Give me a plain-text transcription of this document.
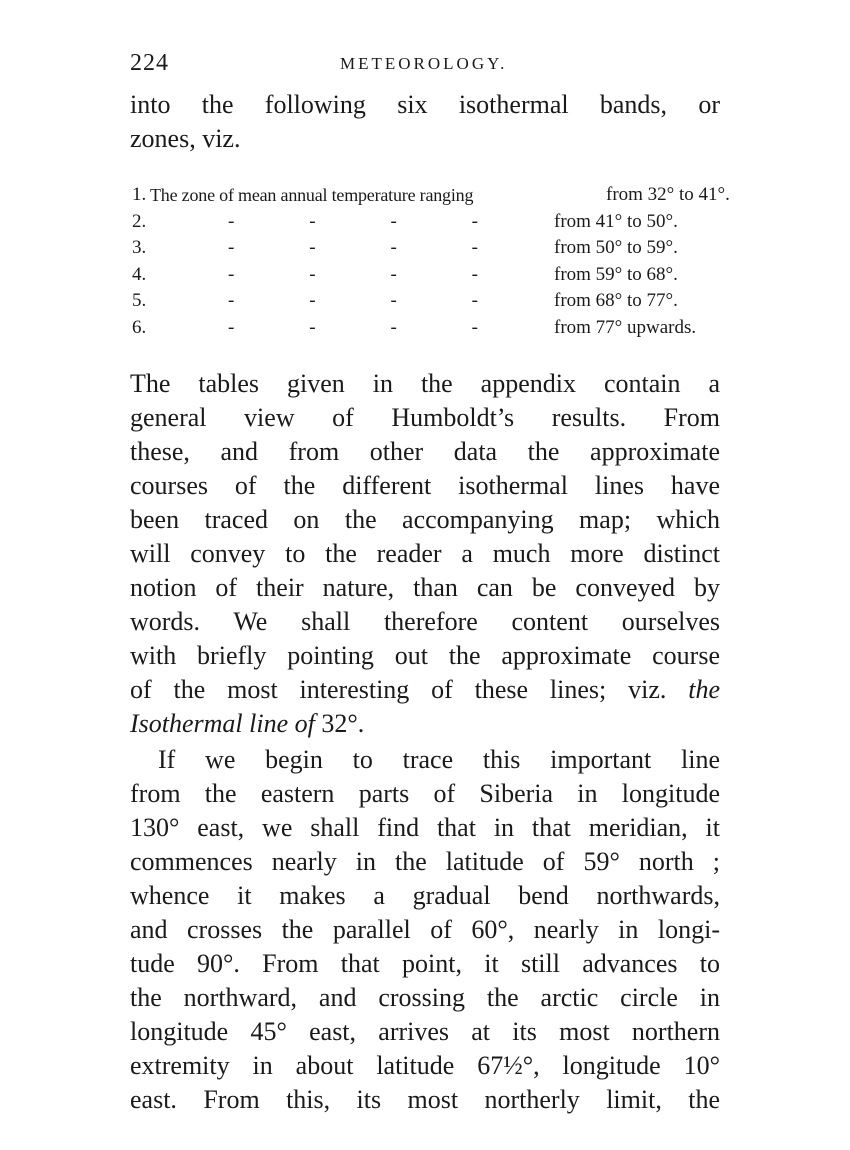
224	METEOROLOGY.
into the following six isothermal bands, or
zones, viz.
1. The zone of mean annual temperature ranging	from 32° to 41°.
2.	-	-	-	-	from 41° to 50°.
3.	-	-	-	-	from 50° to 59°.
4.	-	-	-	-	from 59° to 68°.
5.	-	-	-	-	from 68° to 77°.
6.	-	-	-	-	from 77° upwards.
The tables given in the appendix contain a
general view of Humboldt’s results. From
these, and from other data the approximate
courses of the different isothermal lines have
been traced on the accompanying map; which
will convey to the reader a much more distinct
notion of their nature, than can be conveyed by
words. We shall therefore content ourselves
with briefly pointing out the approximate course
of the most interesting of these lines; viz. the
Isothermal line of 32°.
If we begin to trace this important line
from the eastern parts of Siberia in longitude
130° east, we shall find that in that meridian, it
commences nearly in the latitude of 59° north ;
whence it makes a gradual bend northwards,
and crosses the parallel of 60°, nearly in longi-
tude 90°. From that point, it still advances to
the northward, and crossing the arctic circle in
longitude 45° east, arrives at its most northern
extremity in about latitude 67½°, longitude 10°
east. From this, its most northerly limit, the
